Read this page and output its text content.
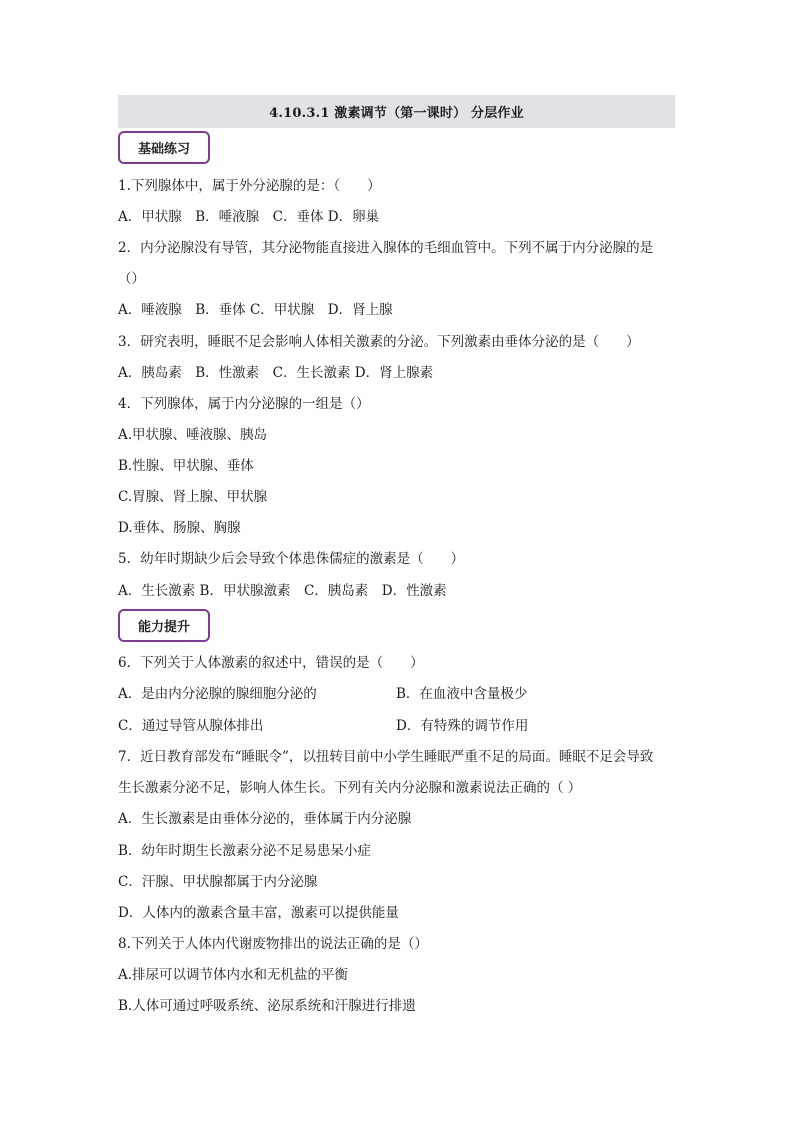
4.10.3.1 激素调节（第一课时） 分层作业
基础练习
1.下列腺体中，属于外分泌腺的是：（　　）
A．甲状腺　B．唾液腺　C．垂体 D．卵巢
2．内分泌腺没有导管，其分泌物能直接进入腺体的毛细血管中。下列不属于内分泌腺的是
（）
A．唾液腺　B．垂体 C．甲状腺　D．肾上腺
3．研究表明，睡眠不足会影响人体相关激素的分泌。下列激素由垂体分泌的是（　　）
A．胰岛素　B．性激素　C．生长激素 D．肾上腺素
4．下列腺体，属于内分泌腺的一组是（）
A.甲状腺、唾液腺、胰岛
B.性腺、甲状腺、垂体
C.胃腺、肾上腺、甲状腺
D.垂体、肠腺、胸腺
5．幼年时期缺少后会导致个体患侏儒症的激素是（　　）
A．生长激素 B．甲状腺激素　C．胰岛素　D．性激素
能力提升
6．下列关于人体激素的叙述中，错误的是（　　）
A．是由内分泌腺的腺细胞分泌的	B．在血液中含量极少
C．通过导管从腺体排出	D．有特殊的调节作用
7．近日教育部发布“睡眠令”，以扭转目前中小学生睡眠严重不足的局面。睡眠不足会导致
生长激素分泌不足，影响人体生长。下列有关内分泌腺和激素说法正确的（ ）
A．生长激素是由垂体分泌的，垂体属于内分泌腺
B．幼年时期生长激素分泌不足易患呆小症
C．汗腺、甲状腺都属于内分泌腺
D．人体内的激素含量丰富，激素可以提供能量
8.下列关于人体内代谢废物排出的说法正确的是（）
A.排尿可以调节体内水和无机盐的平衡
B.人体可通过呼吸系统、泌尿系统和汗腺进行排遗
